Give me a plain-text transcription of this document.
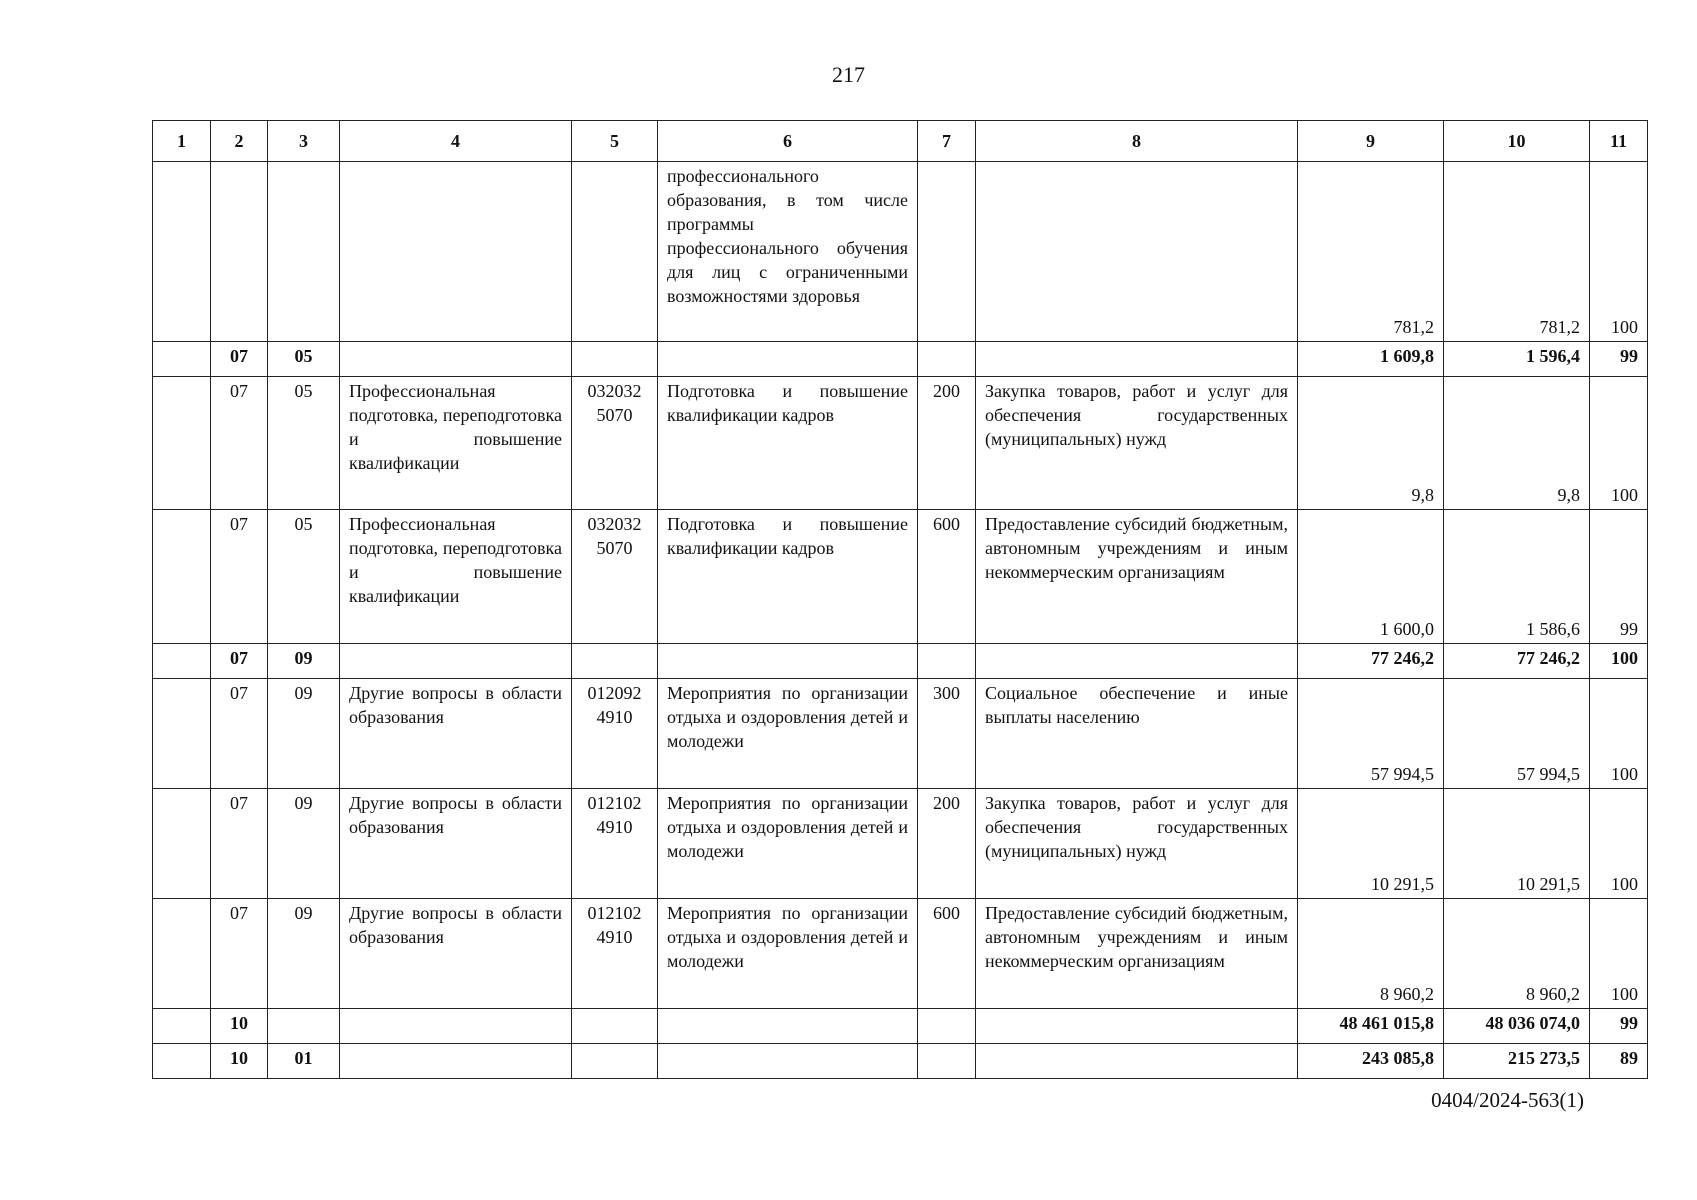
217
1	2	3	4	5	6	7	8	9	10	11
					профессионального образования, в том числе программы профессионального обучения для лиц с ограниченными возможностями здоровья			781,2	781,2	100
	07	05						1 609,8	1 596,4	99
	07	05	Профессиональная подготовка, переподготовка и повышение квалификации	032032 5070	Подготовка и повышение квалификации кадров	200	Закупка товаров, работ и услуг для обеспечения государственных (муниципальных) нужд	9,8	9,8	100
	07	05	Профессиональная подготовка, переподготовка и повышение квалификации	032032 5070	Подготовка и повышение квалификации кадров	600	Предоставление субсидий бюджетным, автономным учреждениям и иным некоммерческим организациям	1 600,0	1 586,6	99
	07	09						77 246,2	77 246,2	100
	07	09	Другие вопросы в области образования	012092 4910	Мероприятия по организации отдыха и оздоровления детей и молодежи	300	Социальное обеспечение и иные выплаты населению	57 994,5	57 994,5	100
	07	09	Другие вопросы в области образования	012102 4910	Мероприятия по организации отдыха и оздоровления детей и молодежи	200	Закупка товаров, работ и услуг для обеспечения государственных (муниципальных) нужд	10 291,5	10 291,5	100
	07	09	Другие вопросы в области образования	012102 4910	Мероприятия по организации отдыха и оздоровления детей и молодежи	600	Предоставление субсидий бюджетным, автономным учреждениям и иным некоммерческим организациям	8 960,2	8 960,2	100
	10							48 461 015,8	48 036 074,0	99
	10	01						243 085,8	215 273,5	89
0404/2024-563(1)
